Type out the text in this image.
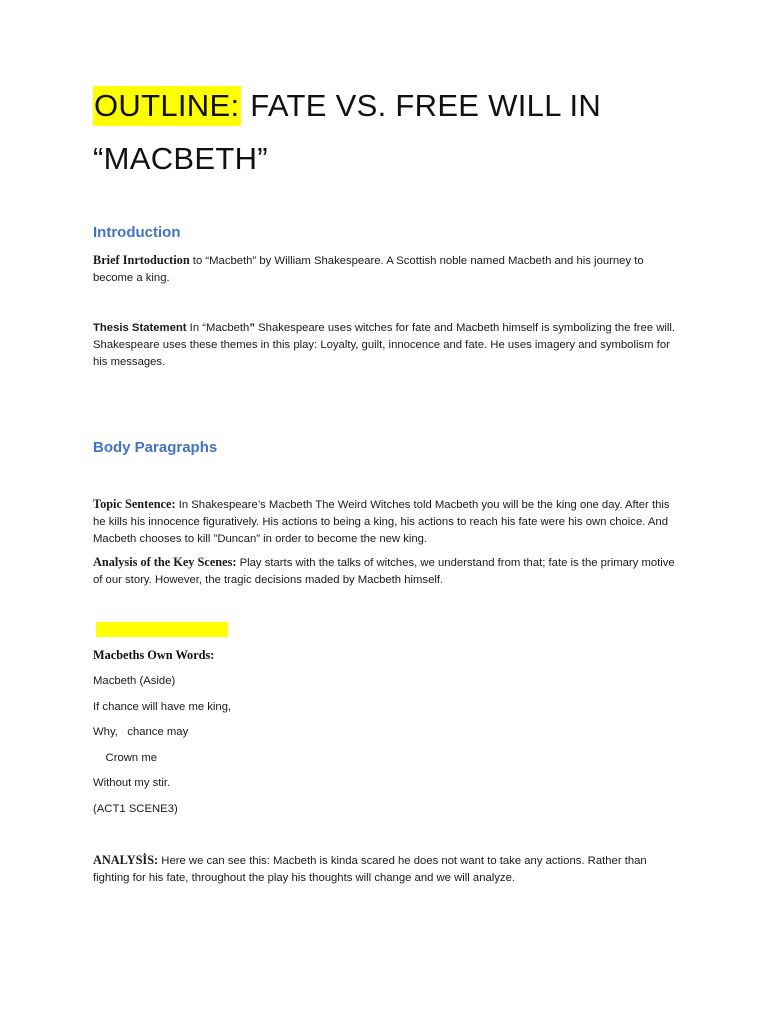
OUTLINE: FATE VS. FREE WILL IN
“MACBETH”
Introduction

Brief Inrtoduction to “Macbeth” by William Shakespeare. A Scottish noble named Macbeth and his journey to become a king.

Thesis Statement In “Macbeth” Shakespeare uses witches for fate and Macbeth himself is symbolizing the free will. Shakespeare uses these themes in this play: Loyalty, guilt, innocence and fate. He uses imagery and symbolism for his messages.

Body Paragraphs

Topic Sentence: In Shakespeare’s Macbeth The Weird Witches told Macbeth you will be the king one day. After this he kills his innocence figuratively. His actions to being a king, his actions to reach his fate were his own choice. And Macbeth chooses to kill ”Duncan” in order to become the new king.

Analysis of the Key Scenes: Play starts with the talks of witches, we understand from that; fate is the primary motive of our story. However, the tragic decisions maded by Macbeth himself.

Macbeths Own Words:
Macbeth (Aside)
If chance will have me king,
Why,   chance may
Crown me
Without my stir.
(ACT1 SCENE3)

ANALYSİS: Here we can see this: Macbeth is kinda scared he does not want to take any actions. Rather than fighting for his fate, throughout the play his thoughts will change and we will analyze.
